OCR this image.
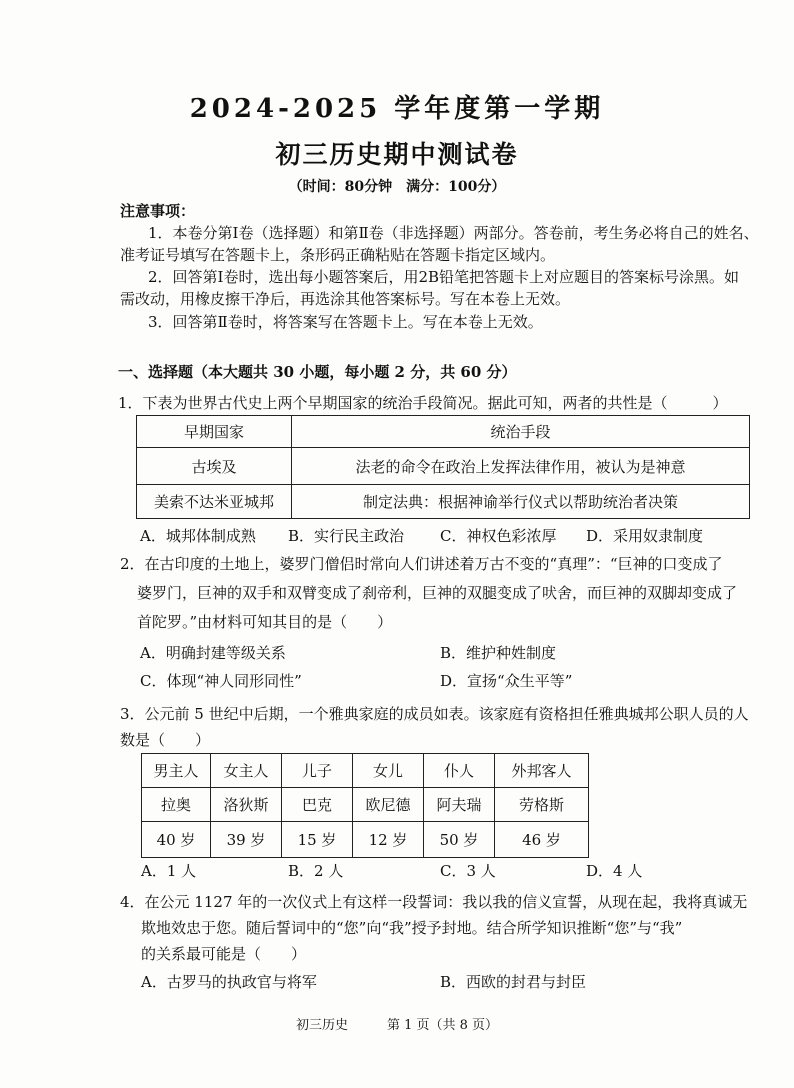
2024-2025 学年度第一学期
初三历史期中测试卷
（时间：80分钟　满分：100分）
注意事项：
1．本卷分第Ⅰ卷（选择题）和第Ⅱ卷（非选择题）两部分。答卷前，考生务必将自己的姓名、
准考证号填写在答题卡上，条形码正确粘贴在答题卡指定区域内。
2．回答第Ⅰ卷时，选出每小题答案后，用2B铅笔把答题卡上对应题目的答案标号涂黑。如
需改动，用橡皮擦干净后，再选涂其他答案标号。写在本卷上无效。
3．回答第Ⅱ卷时，将答案写在答题卡上。写在本卷上无效。
一、选择题（本大题共 30 小题，每小题 2 分，共 60 分）
1．下表为世界古代史上两个早期国家的统治手段简况。据此可知，两者的共性是（　　　）
早期国家	统治手段
古埃及	法老的命令在政治上发挥法律作用，被认为是神意
美索不达米亚城邦	制定法典：根据神谕举行仪式以帮助统治者决策
A．城邦体制成熟 B．实行民主政治 C．神权色彩浓厚 D．采用奴隶制度
2．在古印度的土地上，婆罗门僧侣时常向人们讲述着万古不变的“真理”：“巨神的口变成了
婆罗门，巨神的双手和双臂变成了刹帝利，巨神的双腿变成了吠舍，而巨神的双脚却变成了
首陀罗。”由材料可知其目的是（　　）
A．明确封建等级关系	B．维护种姓制度
C．体现“神人同形同性”	D．宣扬“众生平等”
3．公元前 5 世纪中后期，一个雅典家庭的成员如表。该家庭有资格担任雅典城邦公职人员的人
数是（　　）
男主人	女主人	儿子	女儿	仆人	外邦客人
拉奥	洛狄斯	巴克	欧尼德	阿夫瑞	劳格斯
40 岁	39 岁	15 岁	12 岁	50 岁	46 岁
A．1 人	B．2 人	C．3 人	D．4 人
4．在公元 1127 年的一次仪式上有这样一段誓词：我以我的信义宣誓，从现在起，我将真诚无
欺地效忠于您。随后誓词中的“您”向“我”授予封地。结合所学知识推断“您”与“我”
的关系最可能是（　　）
A．古罗马的执政官与将军	B．西欧的封君与封臣
初三历史　　　第 1 页（共 8 页）
